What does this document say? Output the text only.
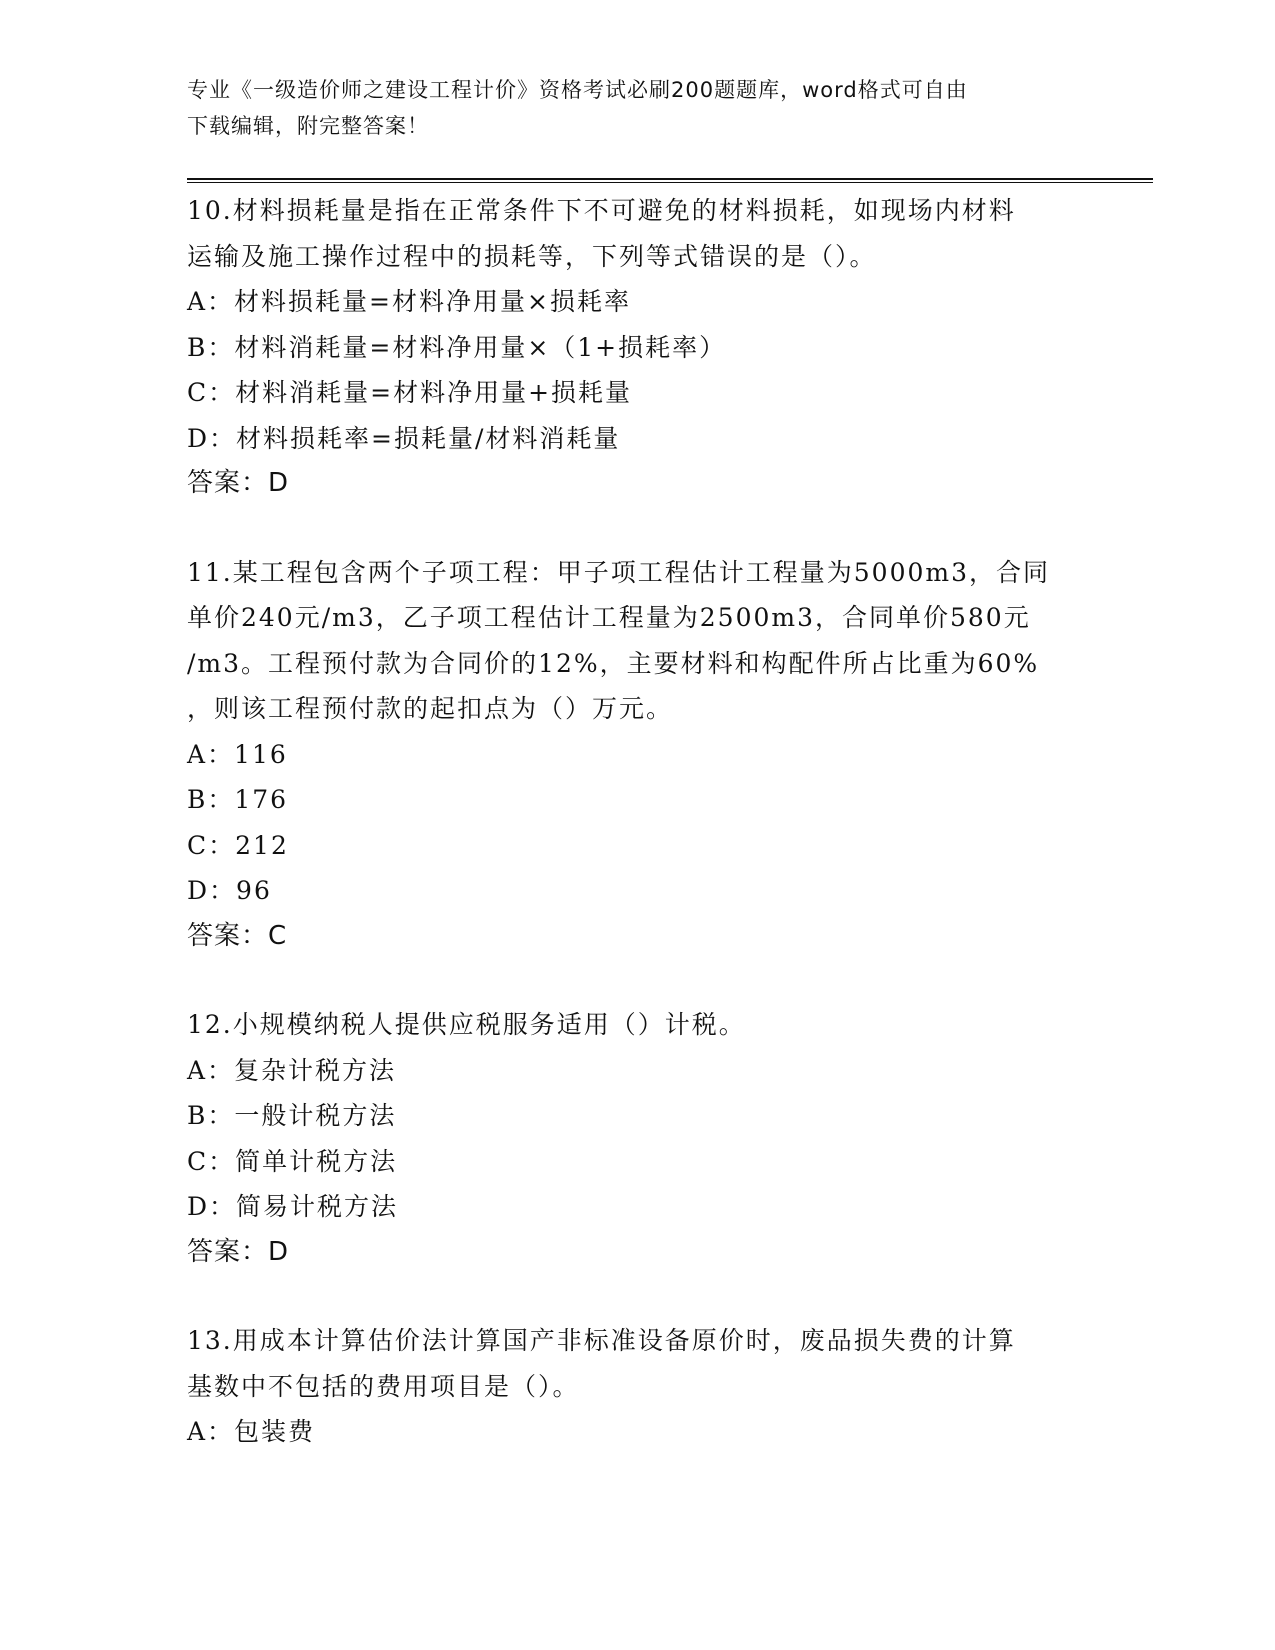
专业《一级造价师之建设工程计价》资格考试必刷200题题库，word格式可自由
下载编辑，附完整答案！
10.材料损耗量是指在正常条件下不可避免的材料损耗，如现场内材料
运输及施工操作过程中的损耗等，下列等式错误的是（）。
A：材料损耗量=材料净用量×损耗率
B：材料消耗量=材料净用量×（1+损耗率）
C：材料消耗量=材料净用量+损耗量
D：材料损耗率=损耗量/材料消耗量
答案：D
11.某工程包含两个子项工程：甲子项工程估计工程量为5000m3，合同
单价240元/m3，乙子项工程估计工程量为2500m3，合同单价580元
/m3。工程预付款为合同价的12%，主要材料和构配件所占比重为60%
，则该工程预付款的起扣点为（）万元。
A：116
B：176
C：212
D：96
答案：C
12.小规模纳税人提供应税服务适用（）计税。
A：复杂计税方法
B：一般计税方法
C：简单计税方法
D：简易计税方法
答案：D
13.用成本计算估价法计算国产非标准设备原价时，废品损失费的计算
基数中不包括的费用项目是（）。
A：包装费
